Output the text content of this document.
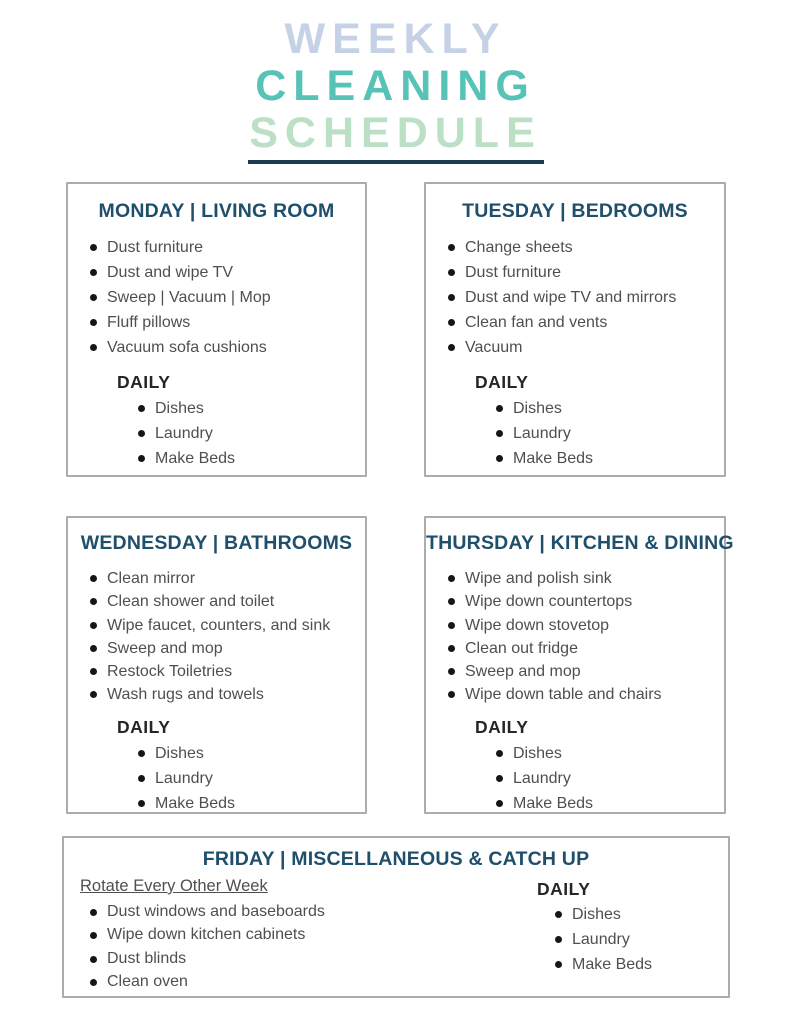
WEEKLY
CLEANING
SCHEDULE
MONDAY | LIVING ROOM
Dust furniture
Dust and wipe TV
Sweep | Vacuum | Mop
Fluff pillows
Vacuum sofa cushions
DAILY
Dishes
Laundry
Make Beds
TUESDAY | BEDROOMS
Change sheets
Dust furniture
Dust and wipe TV and mirrors
Clean fan and vents
Vacuum
DAILY
Dishes
Laundry
Make Beds
WEDNESDAY | BATHROOMS
Clean mirror
Clean shower and toilet
Wipe faucet, counters, and sink
Sweep and mop
Restock Toiletries
Wash rugs and towels
DAILY
Dishes
Laundry
Make Beds
THURSDAY | KITCHEN & DINING
Wipe and polish sink
Wipe down countertops
Wipe down stovetop
Clean out fridge
Sweep and mop
Wipe down table and chairs
DAILY
Dishes
Laundry
Make Beds
FRIDAY | MISCELLANEOUS & CATCH UP
Rotate Every Other Week
Dust windows and baseboards
Wipe down kitchen cabinets
Dust blinds
Clean oven
DAILY
Dishes
Laundry
Make Beds
